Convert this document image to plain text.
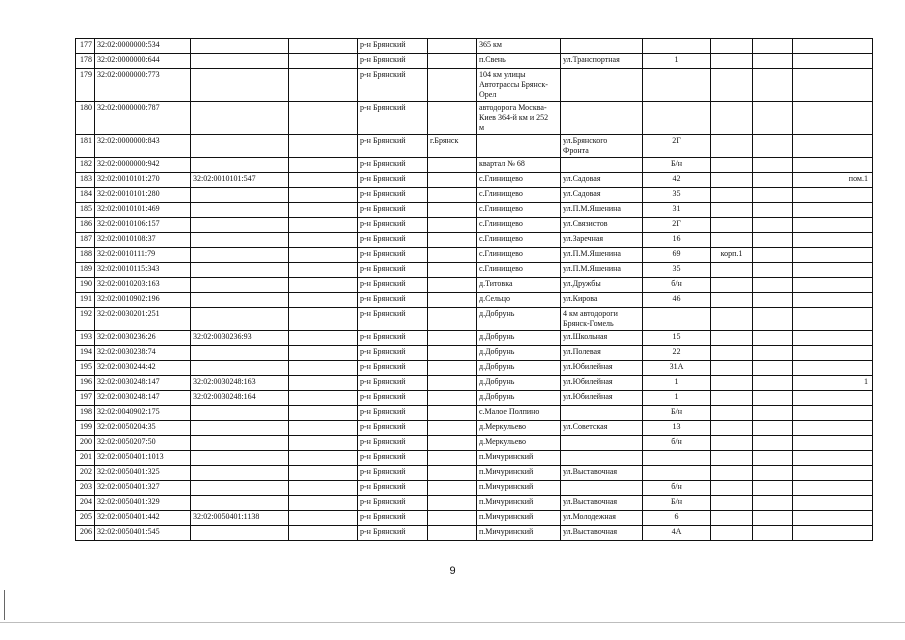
177	32:02:0000000:534			р-н Брянский		365 км					
178	32:02:0000000:644			р-н Брянский		п.Свень	ул.Транспортная	1			
179	32:02:0000000:773			р-н Брянский		104 км улицы
Автотрассы Брянск-
Орел					
180	32:02:0000000:787			р-н Брянский		автодорога Москва-
Киев 364-й км и 252
м					
181	32:02:0000000:843			р-н Брянский	г.Брянск		ул.Брянского
Фронта	2Г			
182	32:02:0000000:942			р-н Брянский		квартал № 68		Б/н			
183	32:02:0010101:270	32:02:0010101:547		р-н Брянский		с.Глинищево	ул.Садовая	42			пом.1
184	32:02:0010101:280			р-н Брянский		с.Глинищево	ул.Садовая	35			
185	32:02:0010101:469			р-н Брянский		с.Глинищево	ул.П.М.Яшенина	31			
186	32:02:0010106:157			р-н Брянский		с.Глинищево	ул.Связистов	2Г			
187	32:02:0010108:37			р-н Брянский		с.Глинищево	ул.Заречная	16			
188	32:02:0010111:79			р-н Брянский		с.Глинищево	ул.П.М.Яшенина	69	корп.1		
189	32:02:0010115:343			р-н Брянский		с.Глинищево	ул.П.М.Яшенина	35			
190	32:02:0010203:163			р-н Брянский		д.Титовка	ул.Дружбы	б/н			
191	32:02:0010902:196			р-н Брянский		д.Сельцо	ул.Кирова	46			
192	32:02:0030201:251			р-н Брянский		д.Добрунь	4 км автодороги
Брянск-Гомель				
193	32:02:0030236:26	32:02:0030236:93		р-н Брянский		д.Добрунь	ул.Школьная	15			
194	32:02:0030238:74			р-н Брянский		д.Добрунь	ул.Полевая	22			
195	32:02:0030244:42			р-н Брянский		д.Добрунь	ул.Юбилейная	31А			
196	32:02:0030248:147	32:02:0030248:163		р-н Брянский		д.Добрунь	ул.Юбилейная	1			1
197	32:02:0030248:147	32:02:0030248:164		р-н Брянский		д.Добрунь	ул.Юбилейная	1			
198	32:02:0040902:175			р-н Брянский		с.Малое Полпино		Б/н			
199	32:02:0050204:35			р-н Брянский		д.Меркульево	ул.Советская	13			
200	32:02:0050207:50			р-н Брянский		д.Меркульево		б/н			
201	32:02:0050401:1013			р-н Брянский		п.Мичуринский					
202	32:02:0050401:325			р-н Брянский		п.Мичуринский	ул.Выставочная				
203	32:02:0050401:327			р-н Брянский		п.Мичуринский		б/н			
204	32:02:0050401:329			р-н Брянский		п.Мичуринский	ул.Выставочная	Б/н			
205	32:02:0050401:442	32:02:0050401:1138		р-н Брянский		п.Мичуринский	ул.Молодежная	6			
206	32:02:0050401:545			р-н Брянский		п.Мичуринский	ул.Выставочная	4А			
9
